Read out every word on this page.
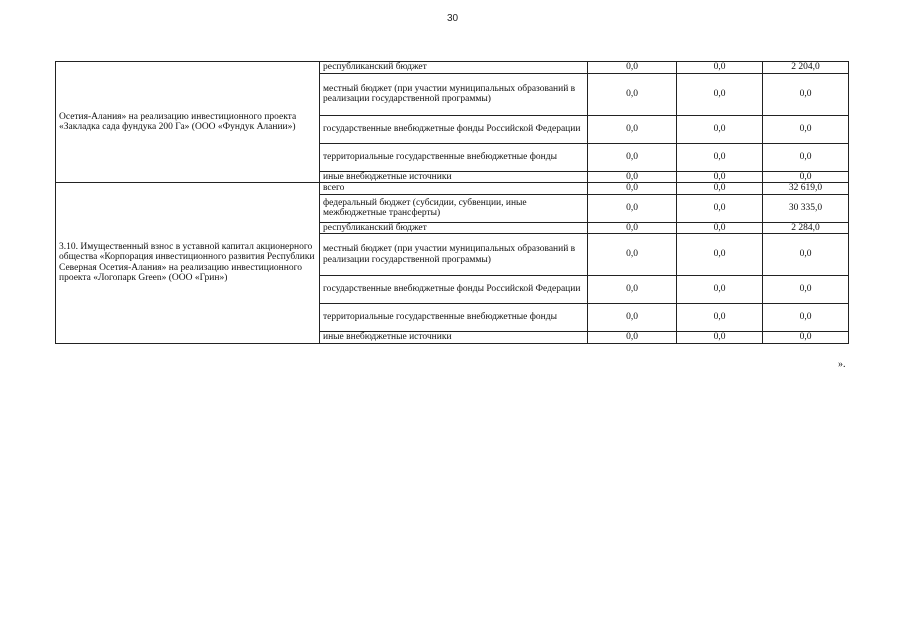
30
Осетия-Алания» на реализацию инвестиционного проекта «Закладка сада фундука 200 Га» (ООО «Фундук Алании»)	республиканский бюджет	0,0	0,0	2 204,0
	местный бюджет (при участии муниципальных образований в реализации государственной программы)	0,0	0,0	0,0
	государственные внебюджетные фонды Российской Федерации	0,0	0,0	0,0
	территориальные государственные внебюджетные фонды	0,0	0,0	0,0
	иные внебюджетные источники	0,0	0,0	0,0
3.10. Имущественный взнос в уставной капитал акционерного общества «Корпорация инвестиционного развития Республики Северная Осетия-Алания» на реализацию инвестиционного проекта «Логопарк Green» (ООО «Грин»)	всего	0,0	0,0	32 619,0
	федеральный бюджет (субсидии, субвенции, иные межбюджетные трансферты)	0,0	0,0	30 335,0
	республиканский бюджет	0,0	0,0	2 284,0
	местный бюджет (при участии муниципальных образований в реализации государственной программы)	0,0	0,0	0,0
	государственные внебюджетные фонды Российской Федерации	0,0	0,0	0,0
	территориальные государственные внебюджетные фонды	0,0	0,0	0,0
	иные внебюджетные источники	0,0	0,0	0,0
».
